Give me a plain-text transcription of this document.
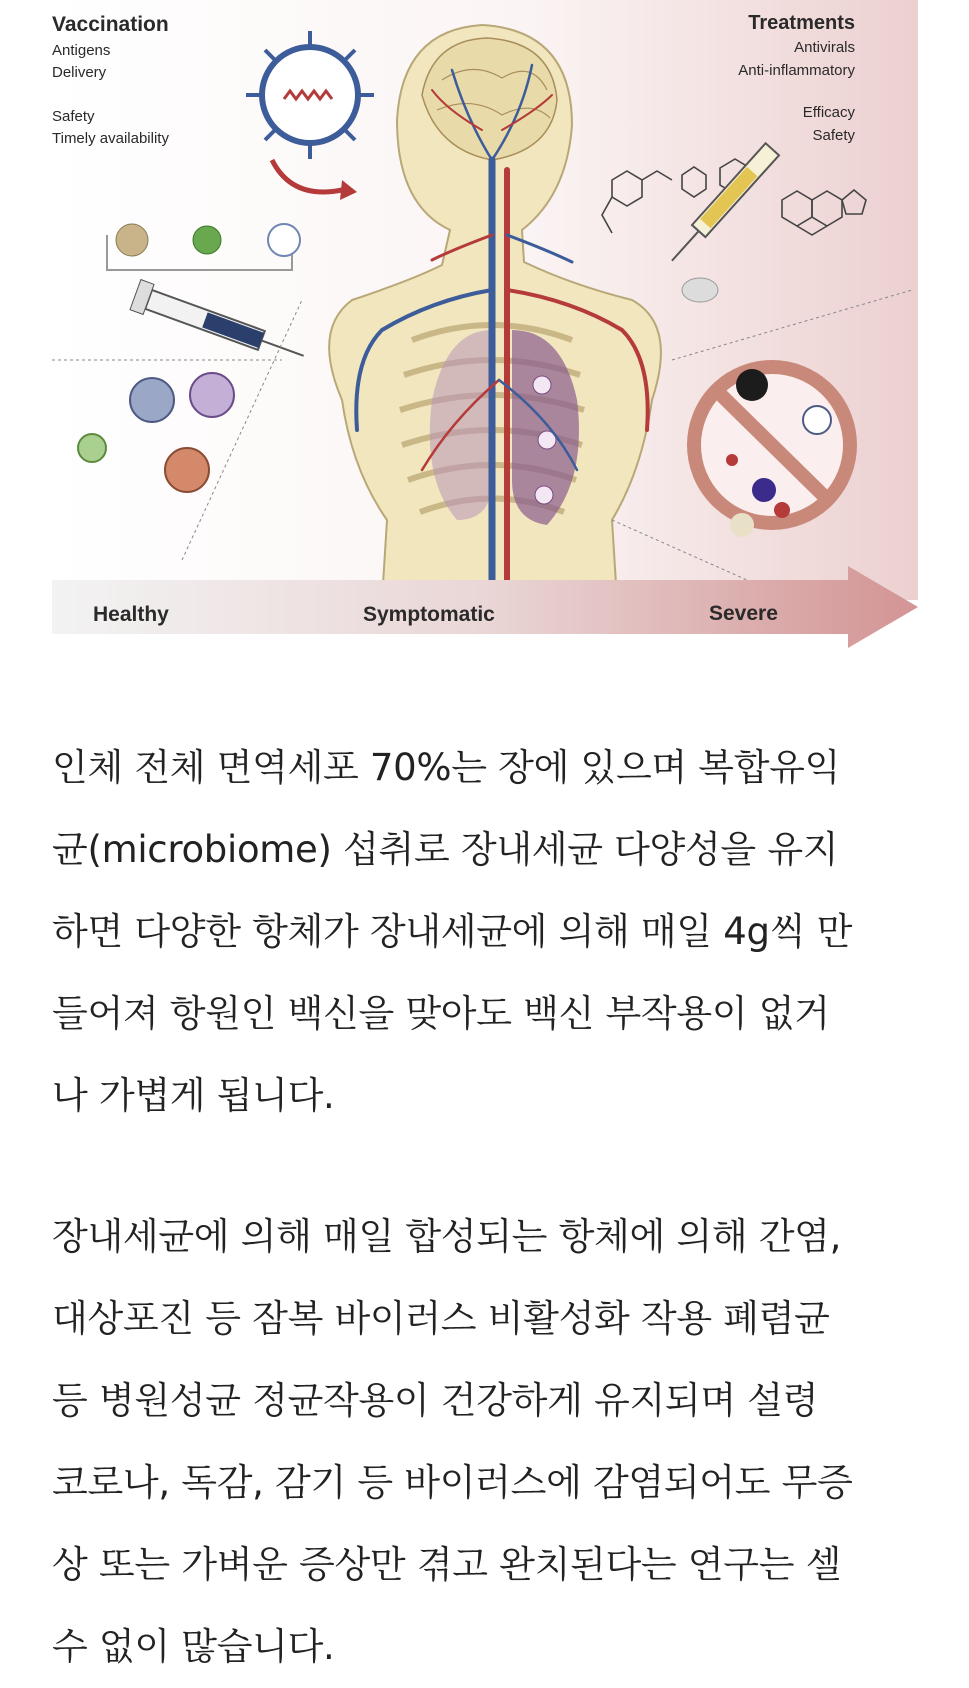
Vaccination
Antigens
Delivery
Safety
Timely availability
Treatments
Antivirals
Anti-inflammatory
Efficacy
Safety
Healthy	Symptomatic	Severe
인체 전체 면역세포 70%는 장에 있으며 복합유익
균(microbiome) 섭취로 장내세균 다양성을 유지
하면 다양한 항체가 장내세균에 의해 매일 4g씩 만
들어져 항원인 백신을 맞아도 백신 부작용이 없거
나 가볍게 됩니다.
장내세균에 의해 매일 합성되는 항체에 의해 간염,
대상포진 등 잠복 바이러스 비활성화 작용 폐렴균
등 병원성균 정균작용이 건강하게 유지되며 설령
코로나, 독감, 감기 등 바이러스에 감염되어도 무증
상 또는 가벼운 증상만 겪고 완치된다는 연구는 셀
수 없이 많습니다.
